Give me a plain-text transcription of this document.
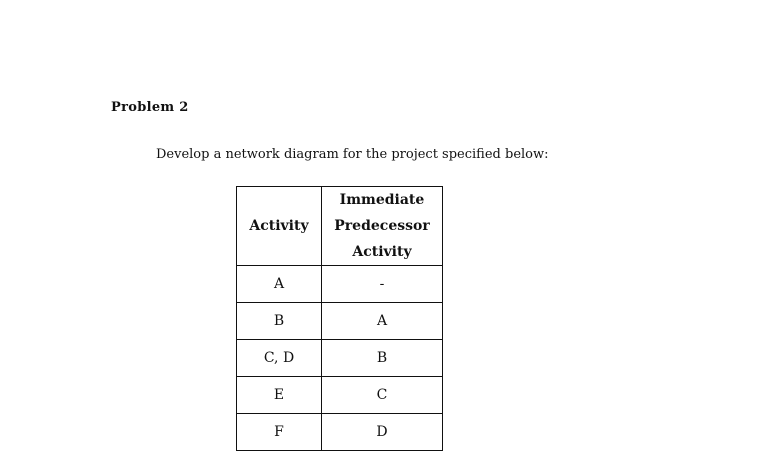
Problem 2
Develop a network diagram for the project specified below:
Activity	Immediate
Predecessor
Activity

A	-
B	A
C, D	B
E	C
F	D
